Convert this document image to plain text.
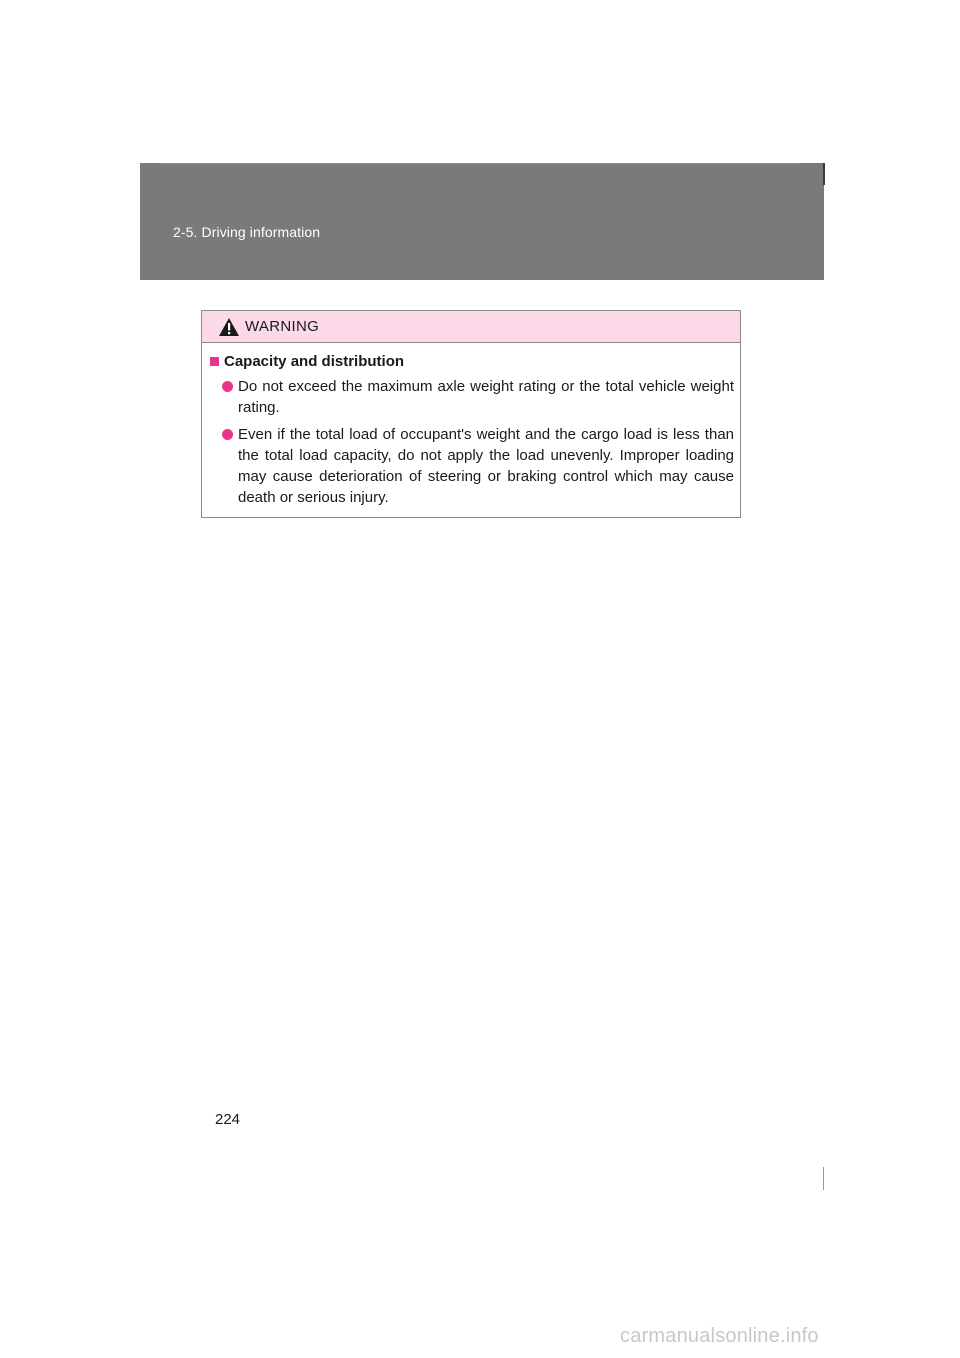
2-5. Driving information
WARNING
Capacity and distribution
Do not exceed the maximum axle weight rating or the total vehicle weight rating.
Even if the total load of occupant's weight and the cargo load is less than the total load capacity, do not apply the load unevenly. Improper loading may cause deterioration of steering or braking control which may cause death or serious injury.
224
carmanualsonline.info
